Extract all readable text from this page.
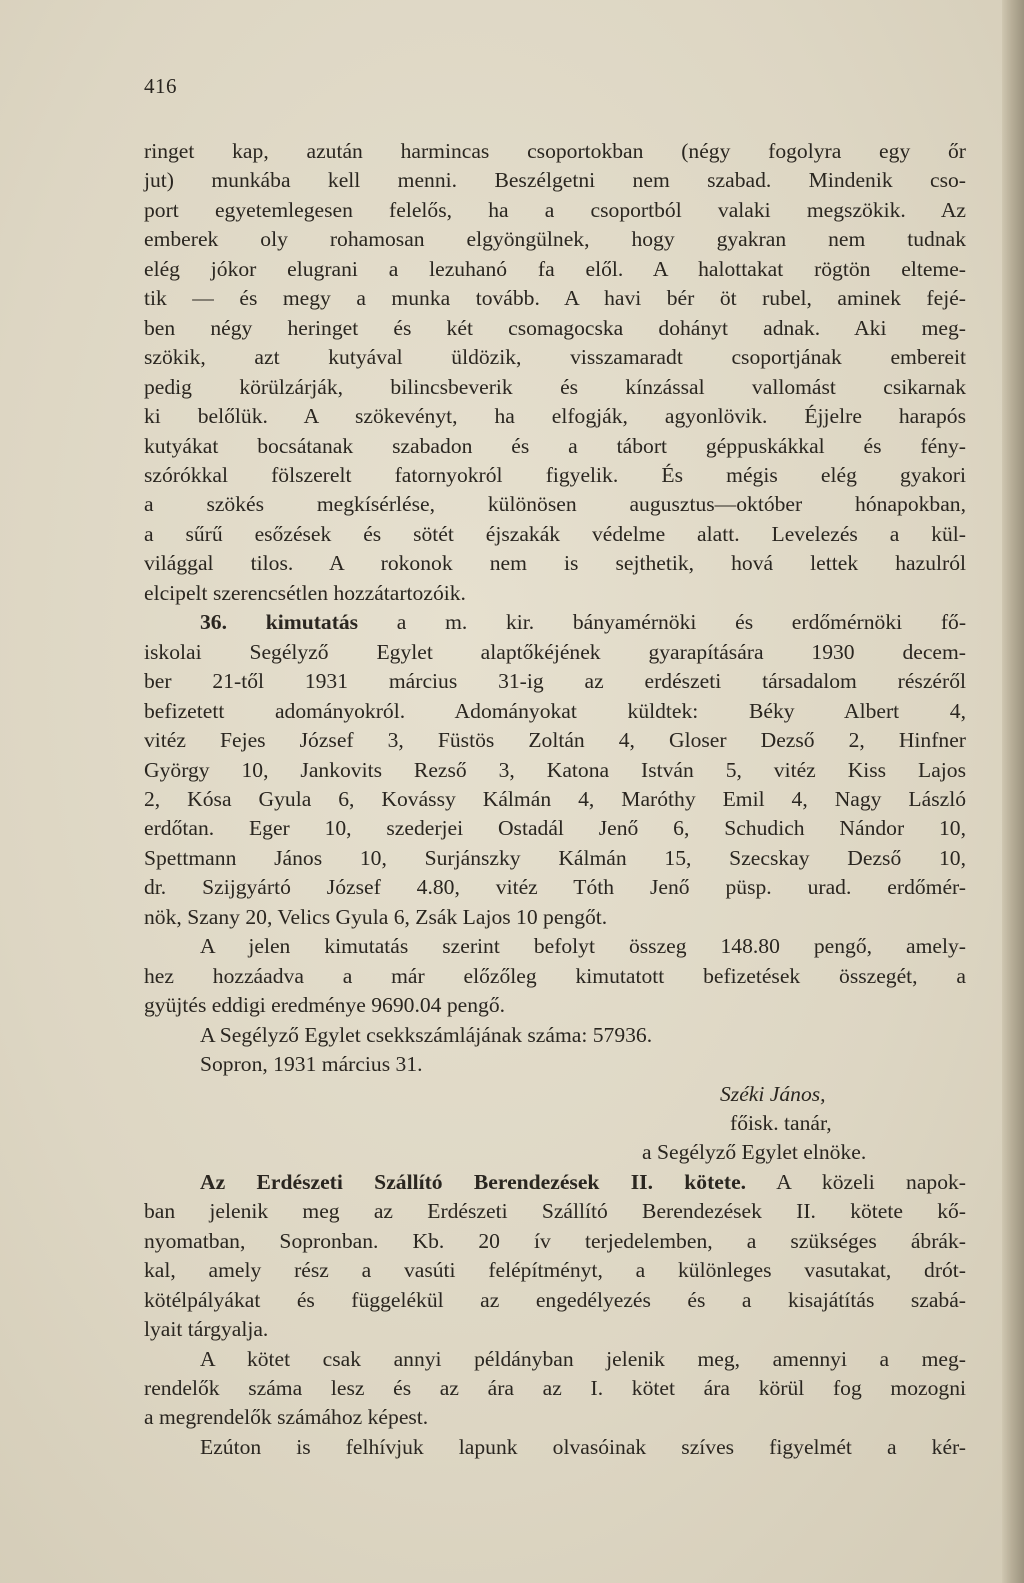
416
ringet kap, azután harmincas csoportokban (négy fogolyra egy őr
jut) munkába kell menni. Beszélgetni nem szabad. Mindenik cso-
port egyetemlegesen felelős, ha a csoportból valaki megszökik. Az
emberek oly rohamosan elgyöngülnek, hogy gyakran nem tudnak
elég jókor elugrani a lezuhanó fa elől. A halottakat rögtön elteme-
tik — és megy a munka tovább. A havi bér öt rubel, aminek fejé-
ben négy heringet és két csomagocska dohányt adnak. Aki meg-
szökik, azt kutyával üldözik, visszamaradt csoportjának embereit
pedig körülzárják, bilincsbeverik és kínzással vallomást csikarnak
ki belőlük. A szökevényt, ha elfogják, agyonlövik. Éjjelre harapós
kutyákat bocsátanak szabadon és a tábort géppuskákkal és fény-
szórókkal fölszerelt fatornyokról figyelik. És mégis elég gyakori
a szökés megkísérlése, különösen augusztus—október hónapokban,
a sűrű esőzések és sötét éjszakák védelme alatt. Levelezés a kül-
világgal tilos. A rokonok nem is sejthetik, hová lettek hazulról
elcipelt szerencsétlen hozzátartozóik.
36. kimutatás a m. kir. bányamérnöki és erdőmérnöki fő-
iskolai Segélyző Egylet alaptőkéjének gyarapítására 1930 decem-
ber 21-től 1931 március 31-ig az erdészeti társadalom részéről
befizetett adományokról. Adományokat küldtek: Béky Albert 4,
vitéz Fejes József 3, Füstös Zoltán 4, Gloser Dezső 2, Hinfner
György 10, Jankovits Rezső 3, Katona István 5, vitéz Kiss Lajos
2, Kósa Gyula 6, Kovássy Kálmán 4, Maróthy Emil 4, Nagy László
erdőtan. Eger 10, szederjei Ostadál Jenő 6, Schudich Nándor 10,
Spettmann János 10, Surjánszky Kálmán 15, Szecskay Dezső 10,
dr. Szijgyártó József 4.80, vitéz Tóth Jenő püsp. urad. erdőmér-
nök, Szany 20, Velics Gyula 6, Zsák Lajos 10 pengőt.
A jelen kimutatás szerint befolyt összeg 148.80 pengő, amely-
hez hozzáadva a már előzőleg kimutatott befizetések összegét, a
gyüjtés eddigi eredménye 9690.04 pengő.
A Segélyző Egylet csekkszámlájának száma: 57936.
Sopron, 1931 március 31.
Széki János,
főisk. tanár,
a Segélyző Egylet elnöke.
Az Erdészeti Szállító Berendezések II. kötete. A közeli napok-
ban jelenik meg az Erdészeti Szállító Berendezések II. kötete kő-
nyomatban, Sopronban. Kb. 20 ív terjedelemben, a szükséges ábrák-
kal, amely rész a vasúti felépítményt, a különleges vasutakat, drót-
kötélpályákat és függelékül az engedélyezés és a kisajátítás szabá-
lyait tárgyalja.
A kötet csak annyi példányban jelenik meg, amennyi a meg-
rendelők száma lesz és az ára az I. kötet ára körül fog mozogni
a megrendelők számához képest.
Ezúton is felhívjuk lapunk olvasóinak szíves figyelmét a kér-
